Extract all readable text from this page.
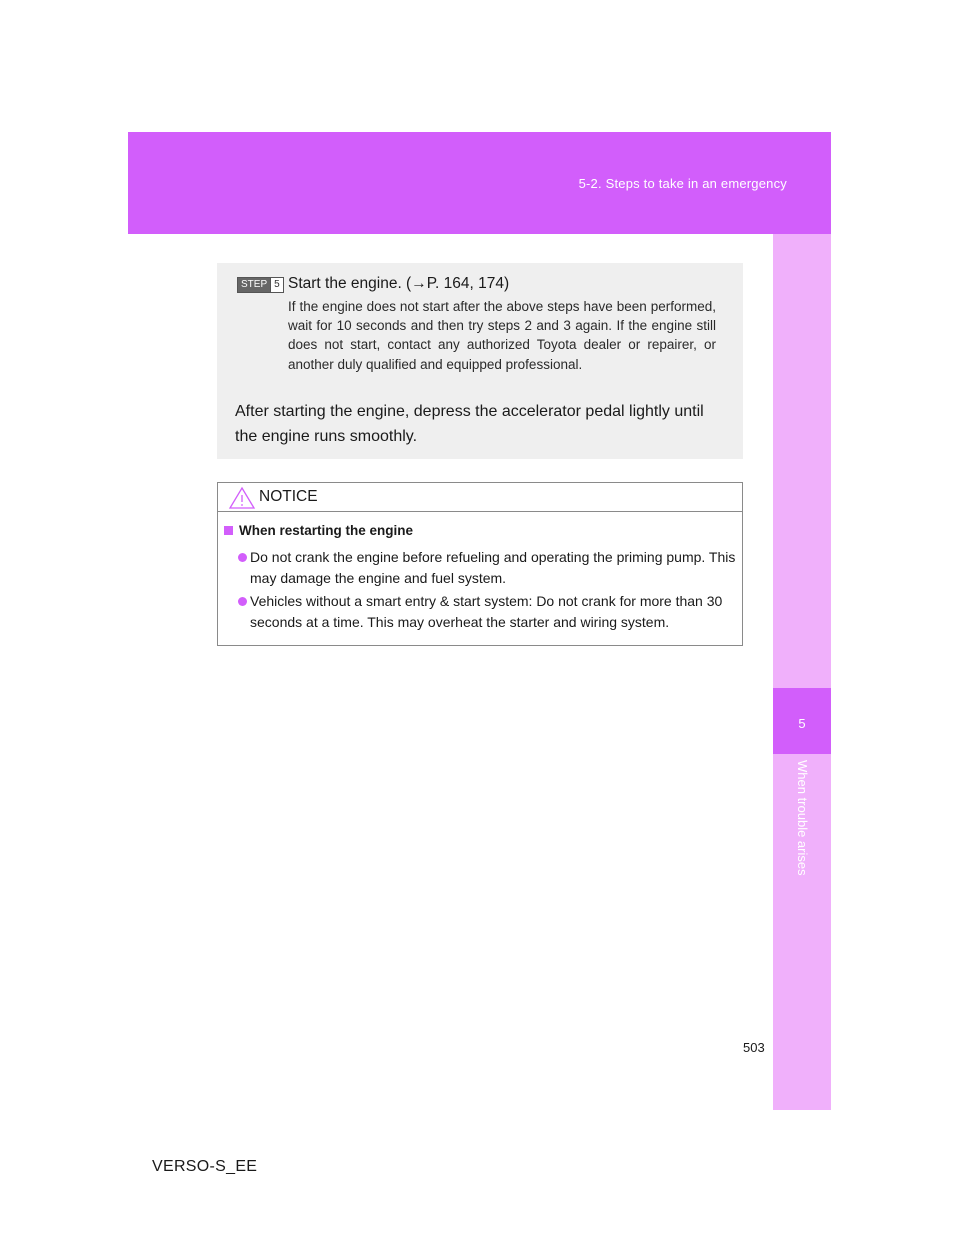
5-2. Steps to take in an emergency
5
When trouble arises
STEP 5 Start the engine. (→P. 164, 174)

If the engine does not start after the above steps have been performed, wait for 10 seconds and then try steps 2 and 3 again. If the engine still does not start, contact any authorized Toyota dealer or repairer, or another duly qualified and equipped professional.

After starting the engine, depress the accelerator pedal lightly until the engine runs smoothly.

NOTICE
When restarting the engine

Do not crank the engine before refueling and operating the priming pump. This may damage the engine and fuel system.

Vehicles without a smart entry & start system: Do not crank for more than 30 seconds at a time. This may overheat the starter and wiring system.

503
VERSO-S_EE
